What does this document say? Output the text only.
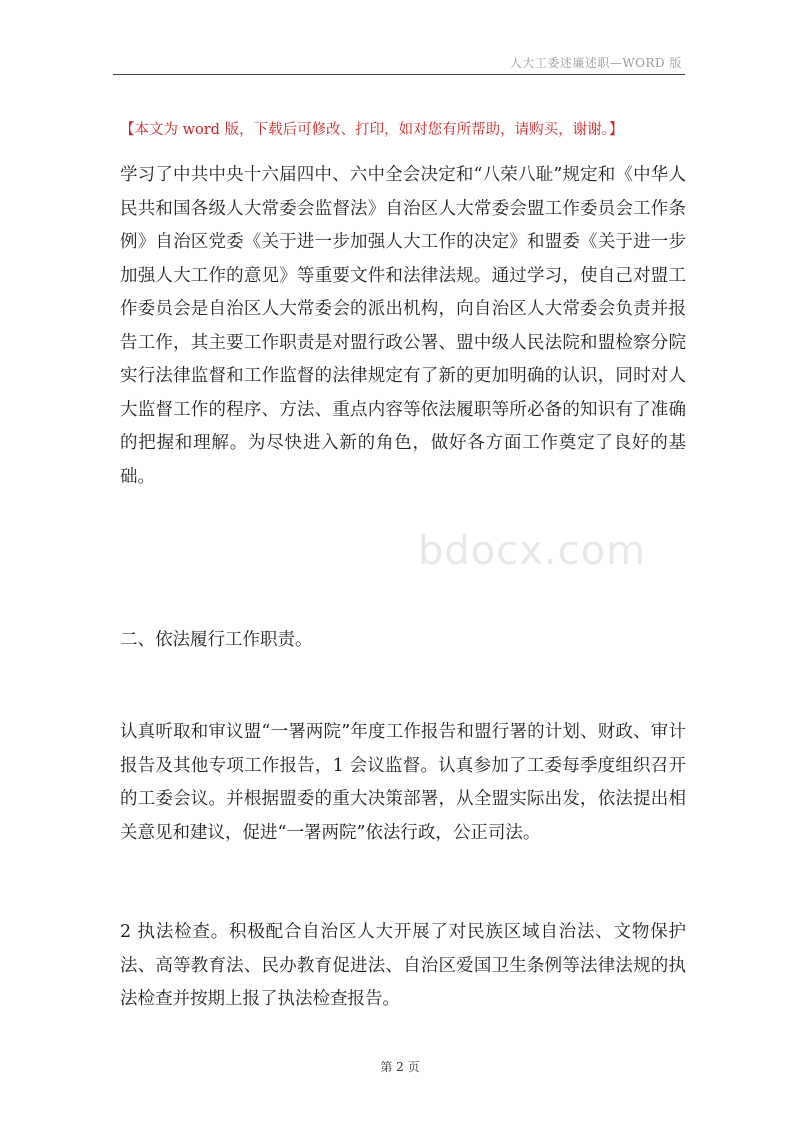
人大工委述廉述职—WORD 版
【本文为 word 版，下载后可修改、打印，如对您有所帮助，请购买，谢谢。】
学习了中共中央十六届四中、六中全会决定和“八荣八耻”规定和《中华人民共和国各级人大常委会监督法》自治区人大常委会盟工作委员会工作条例》自治区党委《关于进一步加强人大工作的决定》和盟委《关于进一步加强人大工作的意见》等重要文件和法律法规。通过学习，使自己对盟工作委员会是自治区人大常委会的派出机构，向自治区人大常委会负责并报告工作，其主要工作职责是对盟行政公署、盟中级人民法院和盟检察分院实行法律监督和工作监督的法律规定有了新的更加明确的认识，同时对人大监督工作的程序、方法、重点内容等依法履职等所必备的知识有了准确的把握和理解。为尽快进入新的角色，做好各方面工作奠定了良好的基础。
bdocx.com
二、依法履行工作职责。
认真听取和审议盟“一署两院”年度工作报告和盟行署的计划、财政、审计报告及其他专项工作报告，1 会议监督。认真参加了工委每季度组织召开的工委会议。并根据盟委的重大决策部署，从全盟实际出发，依法提出相关意见和建议，促进“一署两院”依法行政，公正司法。
2 执法检查。积极配合自治区人大开展了对民族区域自治法、文物保护法、高等教育法、民办教育促进法、自治区爱国卫生条例等法律法规的执法检查并按期上报了执法检查报告。
第 2 页
